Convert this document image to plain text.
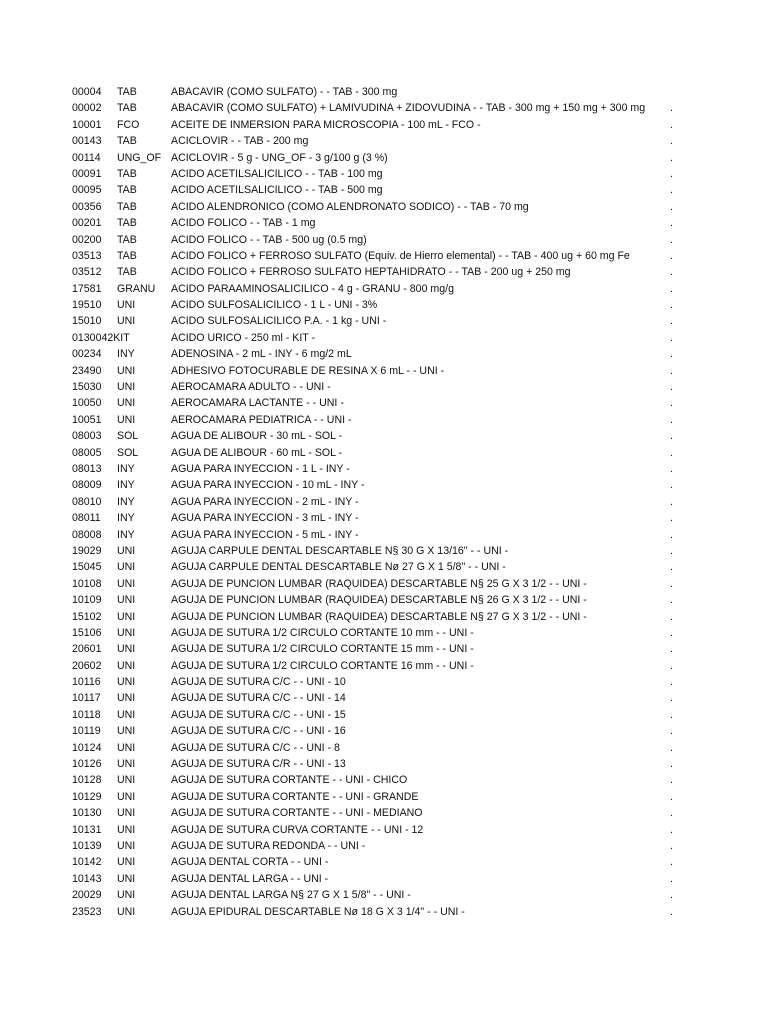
00004 TAB	ABACAVIR (COMO SULFATO) - - TAB - 300 mg
00002 TAB	ABACAVIR (COMO SULFATO) + LAMIVUDINA + ZIDOVUDINA - - TAB - 300 mg + 150 mg + 300 mg .
10001 FCO	ACEITE DE INMERSION PARA MICROSCOPIA - 100 mL - FCO -	.
00143 TAB	ACICLOVIR - - TAB - 200 mg	.
00114 UNG_OF ACICLOVIR - 5 g - UNG_OF - 3 g/100 g (3 %)	.
00091 TAB	ACIDO ACETILSALICILICO - - TAB - 100 mg	.
00095 TAB	ACIDO ACETILSALICILICO - - TAB - 500 mg	.
00356 TAB	ACIDO ALENDRONICO (COMO ALENDRONATO SODICO) - - TAB - 70 mg	.
00201 TAB	ACIDO FOLICO - - TAB - 1 mg	.
00200 TAB	ACIDO FOLICO - - TAB - 500 ug (0.5 mg)	.
03513 TAB	ACIDO FOLICO + FERROSO SULFATO (Equiv. de Hierro elemental) - - TAB - 400 ug + 60 mg Fe	.
03512 TAB	ACIDO FOLICO + FERROSO SULFATO HEPTAHIDRATO - - TAB - 200 ug + 250 mg	.
17581 GRANU ACIDO PARAAMINOSALICILICO - 4 g - GRANU - 800 mg/g	.
19510 UNI	ACIDO SULFOSALICILICO - 1 L - UNI - 3%	.
15010 UNI	ACIDO SULFOSALICILICO P.A. - 1 kg - UNI -	.
0130042KIT	ACIDO URICO - 250 ml - KIT -	.
00234 INY	ADENOSINA - 2 mL - INY - 6 mg/2 mL	.
23490 UNI	ADHESIVO FOTOCURABLE DE RESINA X 6 mL - - UNI -	.
15030 UNI	AEROCAMARA ADULTO - - UNI -	.
10050 UNI	AEROCAMARA LACTANTE - - UNI -	.
10051 UNI	AEROCAMARA PEDIATRICA - - UNI -	.
08003 SOL	AGUA DE ALIBOUR - 30 mL - SOL -	.
08005 SOL	AGUA DE ALIBOUR - 60 mL - SOL -	.
08013 INY	AGUA PARA INYECCION - 1 L - INY -	.
08009 INY	AGUA PARA INYECCION - 10 mL - INY -	.
08010 INY	AGUA PARA INYECCION - 2 mL - INY -	.
08011 INY	AGUA PARA INYECCION - 3 mL - INY -	.
08008 INY	AGUA PARA INYECCION - 5 mL - INY -	.
19029 UNI	AGUJA CARPULE DENTAL DESCARTABLE N§ 30 G X 13/16" - - UNI -	.
15045 UNI	AGUJA CARPULE DENTAL DESCARTABLE Nø 27 G X 1 5/8" - - UNI -	.
10108 UNI	AGUJA DE PUNCION LUMBAR (RAQUIDEA) DESCARTABLE N§ 25 G X 3 1/2 - - UNI -	.
10109 UNI	AGUJA DE PUNCION LUMBAR (RAQUIDEA) DESCARTABLE N§ 26 G X 3 1/2 - - UNI -	.
15102 UNI	AGUJA DE PUNCION LUMBAR (RAQUIDEA) DESCARTABLE N§ 27 G X 3 1/2 - - UNI -	.
15106 UNI	AGUJA DE SUTURA 1/2 CIRCULO CORTANTE 10 mm - - UNI -	.
20601 UNI	AGUJA DE SUTURA 1/2 CIRCULO CORTANTE 15 mm - - UNI -	.
20602 UNI	AGUJA DE SUTURA 1/2 CIRCULO CORTANTE 16 mm - - UNI -	.
10116 UNI	AGUJA DE SUTURA C/C - - UNI - 10	.
10117 UNI	AGUJA DE SUTURA C/C - - UNI - 14	.
10118 UNI	AGUJA DE SUTURA C/C - - UNI - 15	.
10119 UNI	AGUJA DE SUTURA C/C - - UNI - 16	.
10124 UNI	AGUJA DE SUTURA C/C - - UNI - 8	.
10126 UNI	AGUJA DE SUTURA C/R - - UNI - 13	.
10128 UNI	AGUJA DE SUTURA CORTANTE - - UNI - CHICO	.
10129 UNI	AGUJA DE SUTURA CORTANTE - - UNI - GRANDE	.
10130 UNI	AGUJA DE SUTURA CORTANTE - - UNI - MEDIANO	.
10131 UNI	AGUJA DE SUTURA CURVA CORTANTE - - UNI - 12	.
10139 UNI	AGUJA DE SUTURA REDONDA - - UNI -	.
10142 UNI	AGUJA DENTAL CORTA - - UNI -	.
10143 UNI	AGUJA DENTAL LARGA - - UNI -	.
20029 UNI	AGUJA DENTAL LARGA N§ 27 G X 1 5/8" - - UNI -	.
23523 UNI	AGUJA EPIDURAL DESCARTABLE Nø 18 G X 3 1/4" - - UNI -	.
